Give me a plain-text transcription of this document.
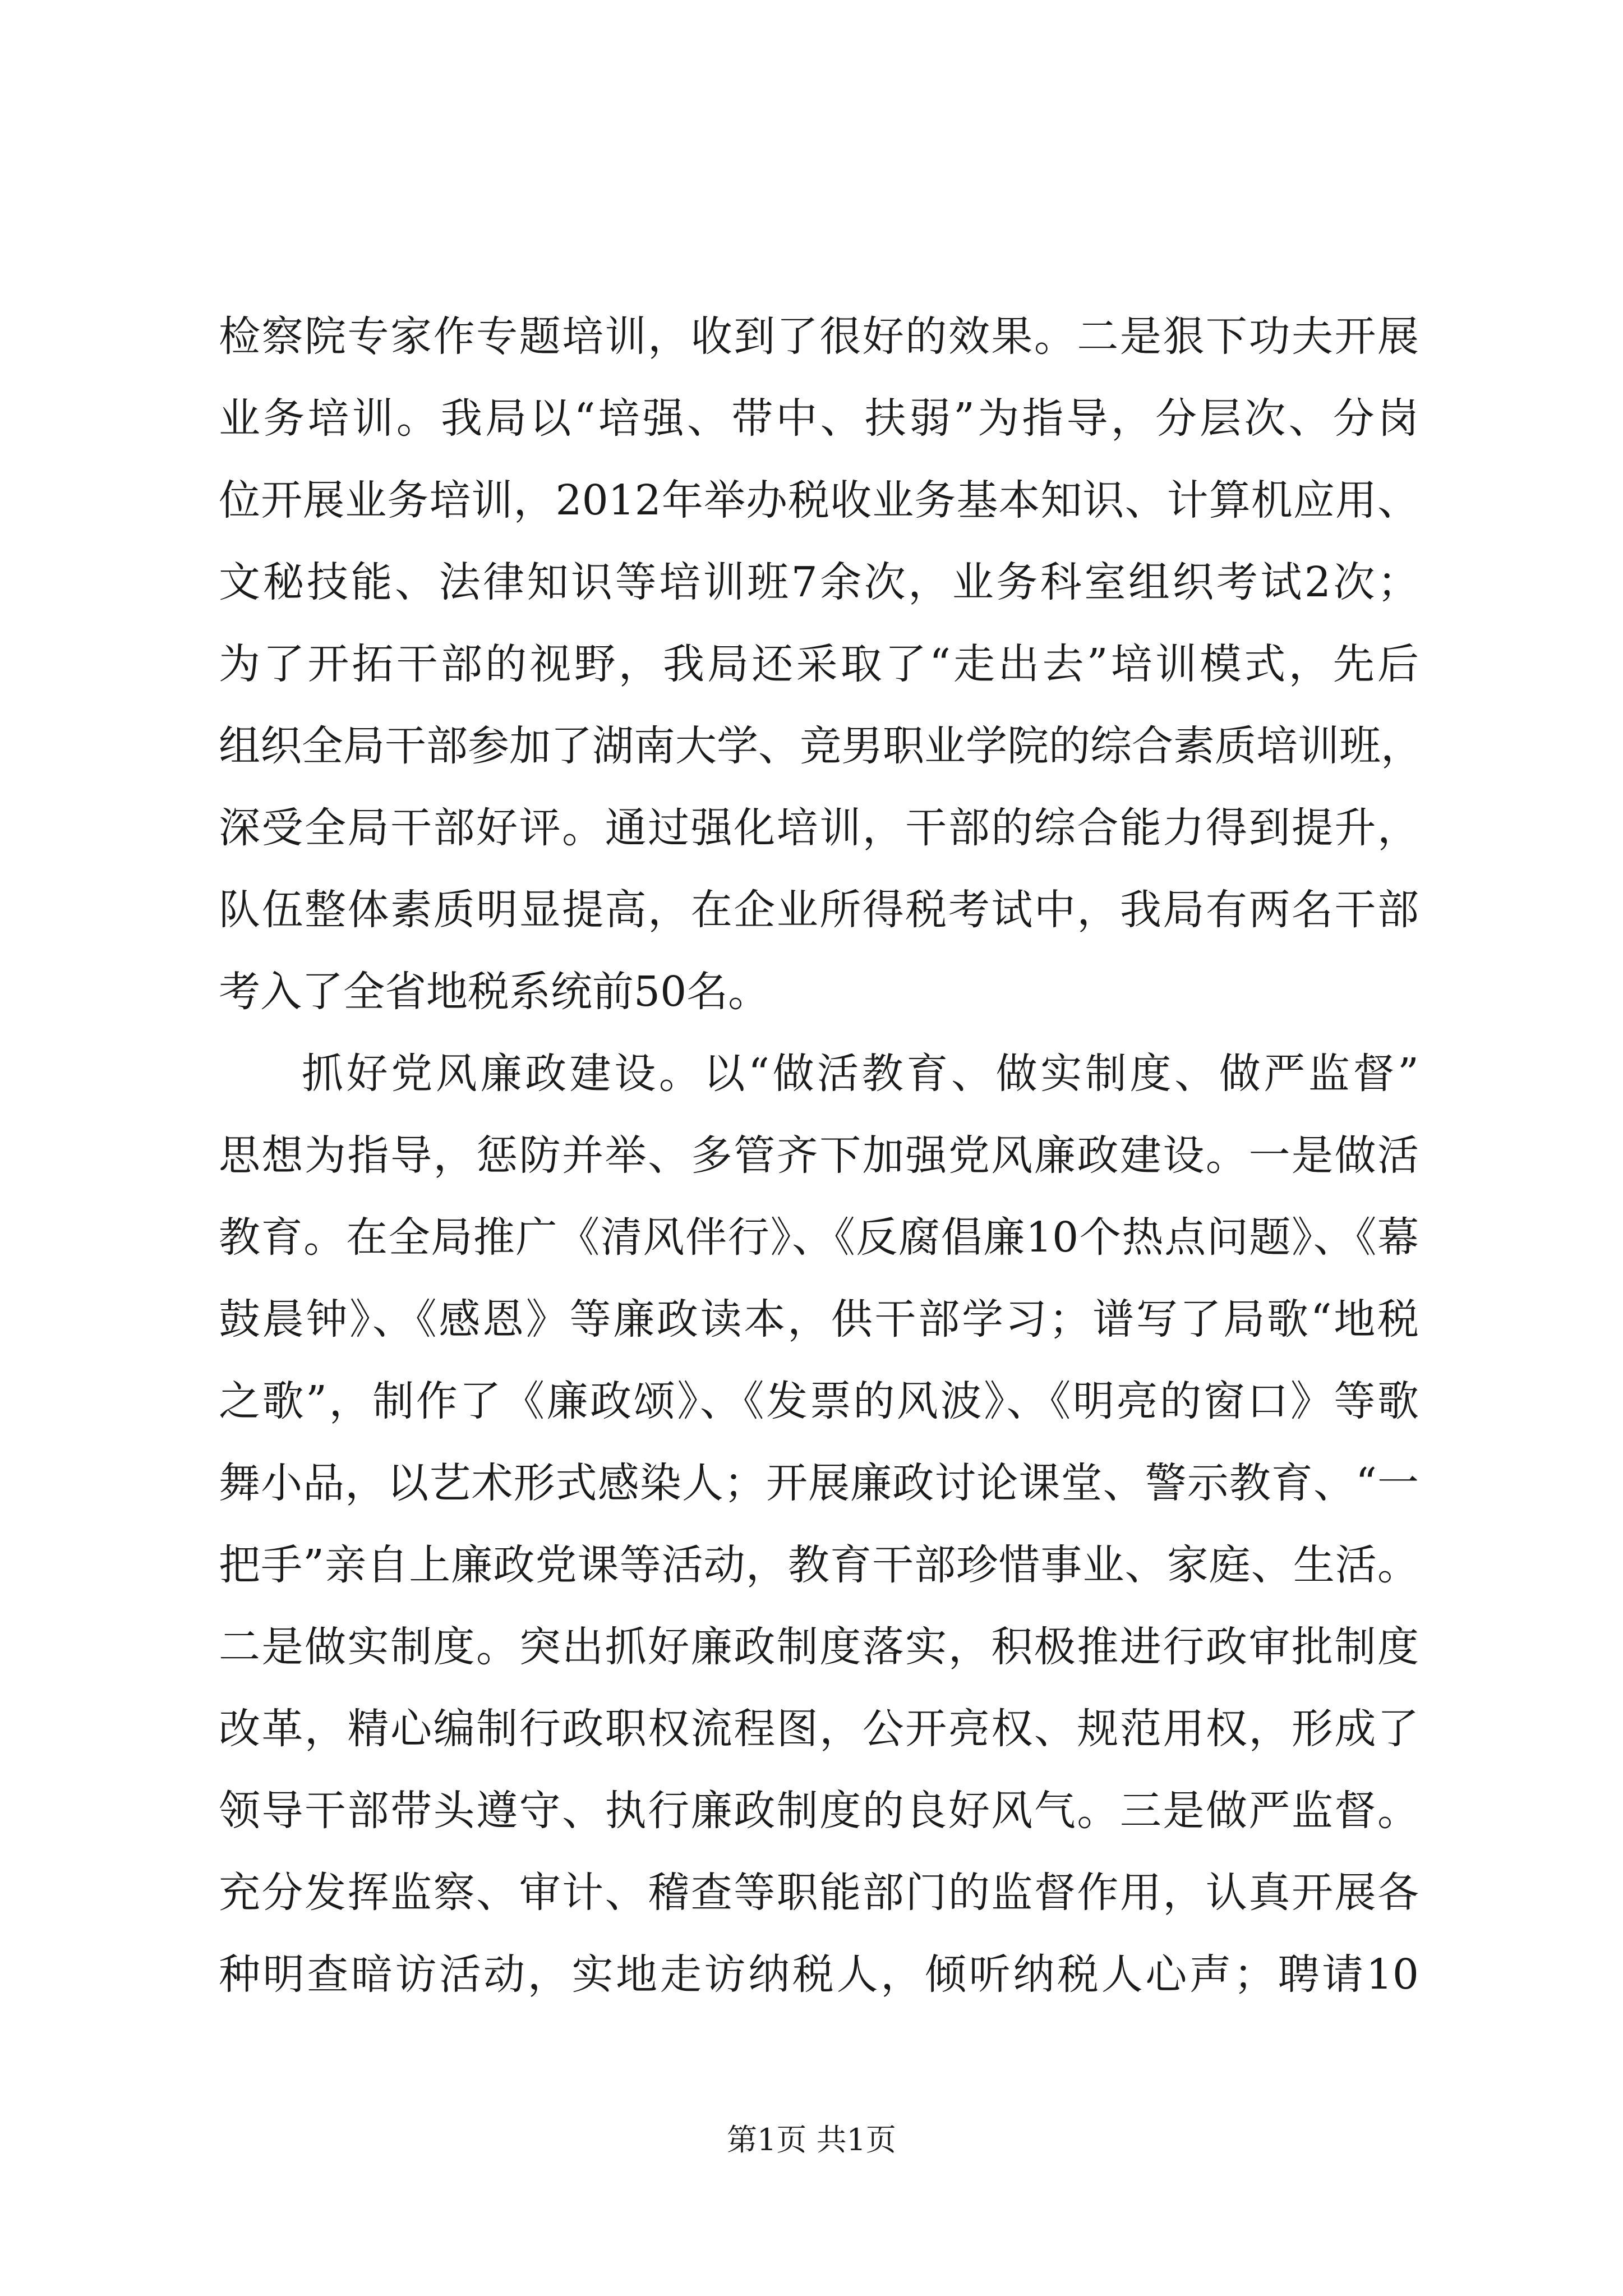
检察院专家作专题培训，收到了很好的效果。二是狠下功夫开展
业务培训。我局以“培强、带中、扶弱”为指导，分层次、分岗
位开展业务培训，2012年举办税收业务基本知识、计算机应用、
文秘技能、法律知识等培训班7余次，业务科室组织考试2次；
为了开拓干部的视野，我局还采取了“走出去”培训模式，先后
组织全局干部参加了湖南大学、竞男职业学院的综合素质培训班，
深受全局干部好评。通过强化培训，干部的综合能力得到提升，
队伍整体素质明显提高，在企业所得税考试中，我局有两名干部
考入了全省地税系统前50名。
抓好党风廉政建设。以“做活教育、做实制度、做严监督”
思想为指导，惩防并举、多管齐下加强党风廉政建设。一是做活
教育。在全局推广《清风伴行》、《反腐倡廉10个热点问题》、《幕
鼓晨钟》、《感恩》等廉政读本，供干部学习；谱写了局歌“地税
之歌”，制作了《廉政颂》、《发票的风波》、《明亮的窗口》等歌
舞小品，以艺术形式感染人；开展廉政讨论课堂、警示教育、“一
把手”亲自上廉政党课等活动，教育干部珍惜事业、家庭、生活。
二是做实制度。突出抓好廉政制度落实，积极推进行政审批制度
改革，精心编制行政职权流程图，公开亮权、规范用权，形成了
领导干部带头遵守、执行廉政制度的良好风气。三是做严监督。
充分发挥监察、审计、稽查等职能部门的监督作用，认真开展各
种明查暗访活动，实地走访纳税人，倾听纳税人心声；聘请10
第1页 共1页
